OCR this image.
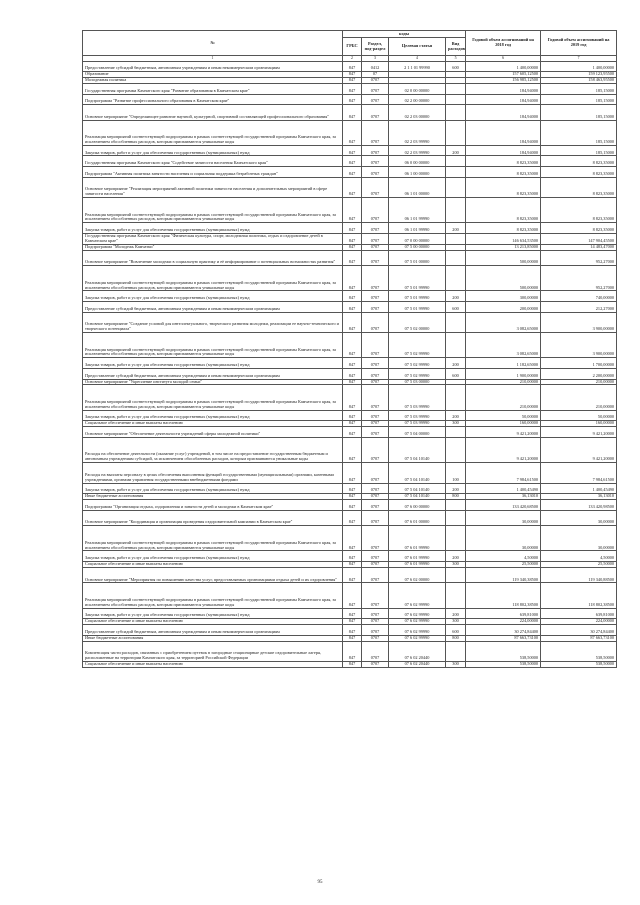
№	коды				Годовой объем ассигнований на 2018 год	Годовой объем ассигнований на 2019 год
	ГРБС	Раздел, под-раздел	Целевая статья	Вид расходов		
1	2	3	4	5	6	7
Предоставление субсидий бюджетным, автономным учреждениям и иным некоммерческим организациям	847	0412	2 1 1 01 99990	600	1 400,00000	1 400,00000
Образование	847	07			157 605,12500	159 123,95500
Молодежная политика	847	0707			156 985,12500	158 463,95500
Государственная программа Камчатского края "Развитие образования в Камчатском крае"	847	0707	02 0 00 00000		184,94000	185,15000
Подпрограмма "Развитие профессионального образования в Камчатском крае"	847	0707	02 2 00 00000		184,94000	185,15000
Основное мероприятие "Определяющее развитие научной, культурной, спортивной составляющей профессионального образования"	847	0707	02 2 03 00000		184,94000	185,15000
Реализация мероприятий соответствующей подпрограммы в рамках соответствующей государственной программы Камчатского края, за исключением обособленных расходов, которым присваиваются уникальные коды	847	0707	02 2 03 99990		184,94000	185,15000
Закупка товаров, работ и услуг для обеспечения государственных (муниципальных) нужд	847	0707	02 2 03 99990	200	184,94000	185,15000
Государственная программа Камчатского края "Содействие занятости населения Камчатского края"	847	0707	06 0 00 00000		8 823,35000	8 823,35000
Подпрограмма "Активная политика занятости населения и социальная поддержка безработных граждан"	847	0707	06 1 00 00000		8 823,35000	8 823,35000
Основное мероприятие "Реализация мероприятий активной политики занятости населения и дополнительных мероприятий в сфере занятости населения"	847	0707	06 1 01 00000		8 823,35000	8 823,35000
Реализация мероприятий соответствующей подпрограммы в рамках соответствующей государственной программы Камчатского края, за исключением обособленных расходов, которым присваиваются уникальные коды	847	0707	06 1 01 99990		8 823,35000	8 823,35000
Закупка товаров, работ и услуг для обеспечения государственных (муниципальных) нужд	847	0707	06 1 01 99990	200	8 823,35000	8 823,35000
Государственная программа Камчатского края "Физическая культура, спорт, молодежная политика, отдых и оздоровление детей в Камчатском крае"	847	0707	07 0 00 00000		146 634,53500	147 904,45500
Подпрограмма "Молодежь Камчатки"	847	0707	07 5 00 00000		13 213,85000	14 483,47000
Основное мероприятие "Вовлечение молодежи в социальную практику и её информирование о потенциальных возможностях развития"	847	0707	07 5 01 00000		500,00000	952,27000
Реализация мероприятий соответствующей подпрограммы в рамках соответствующей государственной программы Камчатского края, за исключением обособленных расходов, которым присваиваются уникальные коды	847	0707	07 5 01 99990		500,00000	952,27000
Закупка товаров, работ и услуг для обеспечения государственных (муниципальных) нужд	847	0707	07 5 01 99990	200	300,00000	740,00000
Предоставление субсидий бюджетным, автономным учреждениям и иным некоммерческим организациям	847	0707	07 5 01 99990	600	200,00000	212,27000
Основное мероприятие "Создание условий для интеллектуального, творческого развития молодежи, реализации ее научно-технического и творческого потенциала"	847	0707	07 5 02 00000		3 082,65000	3 900,00000
Реализация мероприятий соответствующей подпрограммы в рамках соответствующей государственной программы Камчатского края, за исключением обособленных расходов, которым присваиваются уникальные коды	847	0707	07 5 02 99990		3 082,65000	3 900,00000
Закупка товаров, работ и услуг для обеспечения государственных (муниципальных) нужд	847	0707	07 5 02 99990	200	1 182,65000	1 700,00000
Предоставление субсидий бюджетным, автономным учреждениям и иным некоммерческим организациям	847	0707	07 5 02 99990	600	1 900,00000	2 200,00000
Основное мероприятие "Укрепление института молодой семьи"	847	0707	07 5 03 00000		210,00000	210,00000
Реализация мероприятий соответствующей подпрограммы в рамках соответствующей государственной программы Камчатского края, за исключением обособленных расходов, которым присваиваются уникальные коды	847	0707	07 5 03 99990		210,00000	210,00000
Закупка товаров, работ и услуг для обеспечения государственных (муниципальных) нужд	847	0707	07 5 03 99990	200	50,00000	50,00000
Социальное обеспечение и иные выплаты населению	847	0707	07 5 03 99990	300	160,00000	160,00000
Основное мероприятие "Обеспечение деятельности учреждений сферы молодежной политики"	847	0707	07 5 04 00000		9 421,20000	9 421,20000
Расходы на обеспечение деятельности (оказание услуг) учреждений, в том числе на предоставление государственным бюджетным и автономным учреждениям субсидий, за исключением обособленных расходов, которым присваиваются уникальные коды	847	0707	07 5 04 10140		9 421,20000	9 421,20000
Расходы на выплаты персоналу в целях обеспечения выполнения функций государственными (муниципальными) органами, казенными учреждениями, органами управления государственными внебюджетными фондами	847	0707	07 5 04 10140	100	7 984,61500	7 984,61500
Закупка товаров, работ и услуг для обеспечения государственных (муниципальных) нужд	847	0707	07 5 04 10140	200	1 400,45490	1 400,45490
Иные бюджетные ассигнования	847	0707	07 5 04 10140	800	36,13010	36,13010
Подпрограмма "Организация отдыха, оздоровления и занятости детей и молодежи в Камчатском крае"	847	0707	07 6 00 00000		133 420,68500	133 420,98500
Основное мероприятие "Координация и организация проведения оздоровительной кампании в Камчатском крае"	847	0707	07 6 01 00000		30,00000	30,00000
Реализация мероприятий соответствующей подпрограммы в рамках соответствующей государственной программы Камчатского края, за исключением обособленных расходов, которым присваиваются уникальные коды	847	0707	07 6 01 99990		30,00000	30,00000
Закупка товаров, работ и услуг для обеспечения государственных (муниципальных) нужд	847	0707	07 6 01 99990	200	4,50000	4,50000
Социальное обеспечение и иные выплаты населению	847	0707	07 6 01 99990	300	25,50000	25,50000
Основное мероприятие "Мероприятия по повышению качества услуг, предоставляемых организациями отдыха детей и их оздоровления"	847	0707	07 6 02 00000		119 340,38500	119 340,88500
Реализация мероприятий соответствующей подпрограммы в рамках соответствующей государственной программы Камчатского края, за исключением обособленных расходов, которым присваиваются уникальные коды	847	0707	07 6 02 99990		118 802,38500	118 802,38500
Закупка товаров, работ и услуг для обеспечения государственных (муниципальных) нужд	847	0707	07 6 02 99990	200	639,81000	639,81000
Социальное обеспечение и иные выплаты населению	847	0707	07 6 02 99990	300	224,00000	224,00000
Предоставление субсидий бюджетным, автономным учреждениям и иным некоммерческим организациям	847	0707	07 6 02 99990	600	30 274,84400	30 274,84400
Иные бюджетные ассигнования	847	0707	07 6 02 99990	800	87 663,73100	87 663,73100
Компенсация части расходов, связанных с приобретением путевок в загородные стационарные детские оздоровительные лагеря, расположенные на территории Камчатского края, за территорией Российской Федерации	847	0707	07 6 02 20440		538,50000	538,50000
Социальное обеспечение и иные выплаты населению	847	0707	07 6 02 20440	300	538,50000	538,50000
95
